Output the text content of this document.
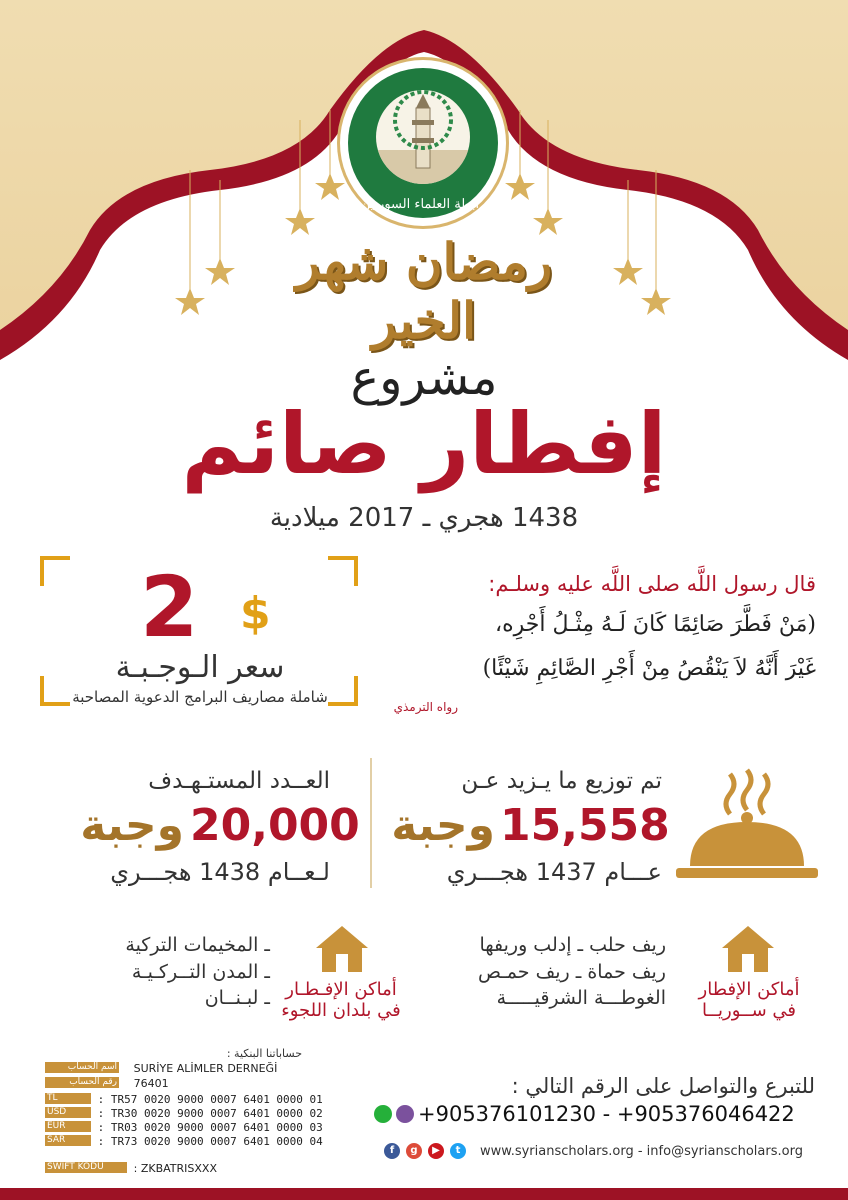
رابطة العلماء السوريين
رمضان شهر الخير
مشروع
إفطار صائم
1438 هجري ـ 2017 ميلادية
2 $
سعر الـوجـبـة
شاملة مصاريف البرامج الدعوية المصاحبة
قال رسول اللَّه صلى اللَّه عليه وسلـم:
(مَنْ فَطَّرَ صَائِمًا كَانَ لَـهُ مِثْـلُ أَجْرِه،
غَيْرَ أَنَّهُ لاَ يَنْقُصُ مِنْ أَجْرِ الصَّائِمِ شَيْئًا)
رواه الترمذي
تم توزيع ما يـزيد عـن
15,558
وجبة
عـــام 1437 هجـــري
العــدد المستـهـدف
20,000
وجبة
لـعــام 1438 هجـــري
أماكن الإفطار
في ســوريــا
ريف حلب ـ إدلب وريفها
ريف حماة ـ ريف حمـص
الغوطـــة الشرقيـــــة
أماكن الإفـطـار
في بلدان اللجوء
ـ المخيمات التركية
ـ المدن التــركـيـة
ـ لبـنــان
حساباتنا البنكية :
اسم الحساب SURİYE ALİMLER DERNEĞİ
رقم الحساب 76401
TL	: TR57 0020 9000 0007 6401 0000 01
USD	: TR30 0020 9000 0007 6401 0000 02
EUR	: TR03 0020 9000 0007 6401 0000 03
SAR	: TR73 0020 9000 0007 6401 0000 04
SWİFT KODU	: ZKBATRISXXX
للتبرع والتواصل على الرقم التالي :
+905376101230 - +905376046422
f	g	▶	t	www.syrianscholars.org - info@syrianscholars.org
